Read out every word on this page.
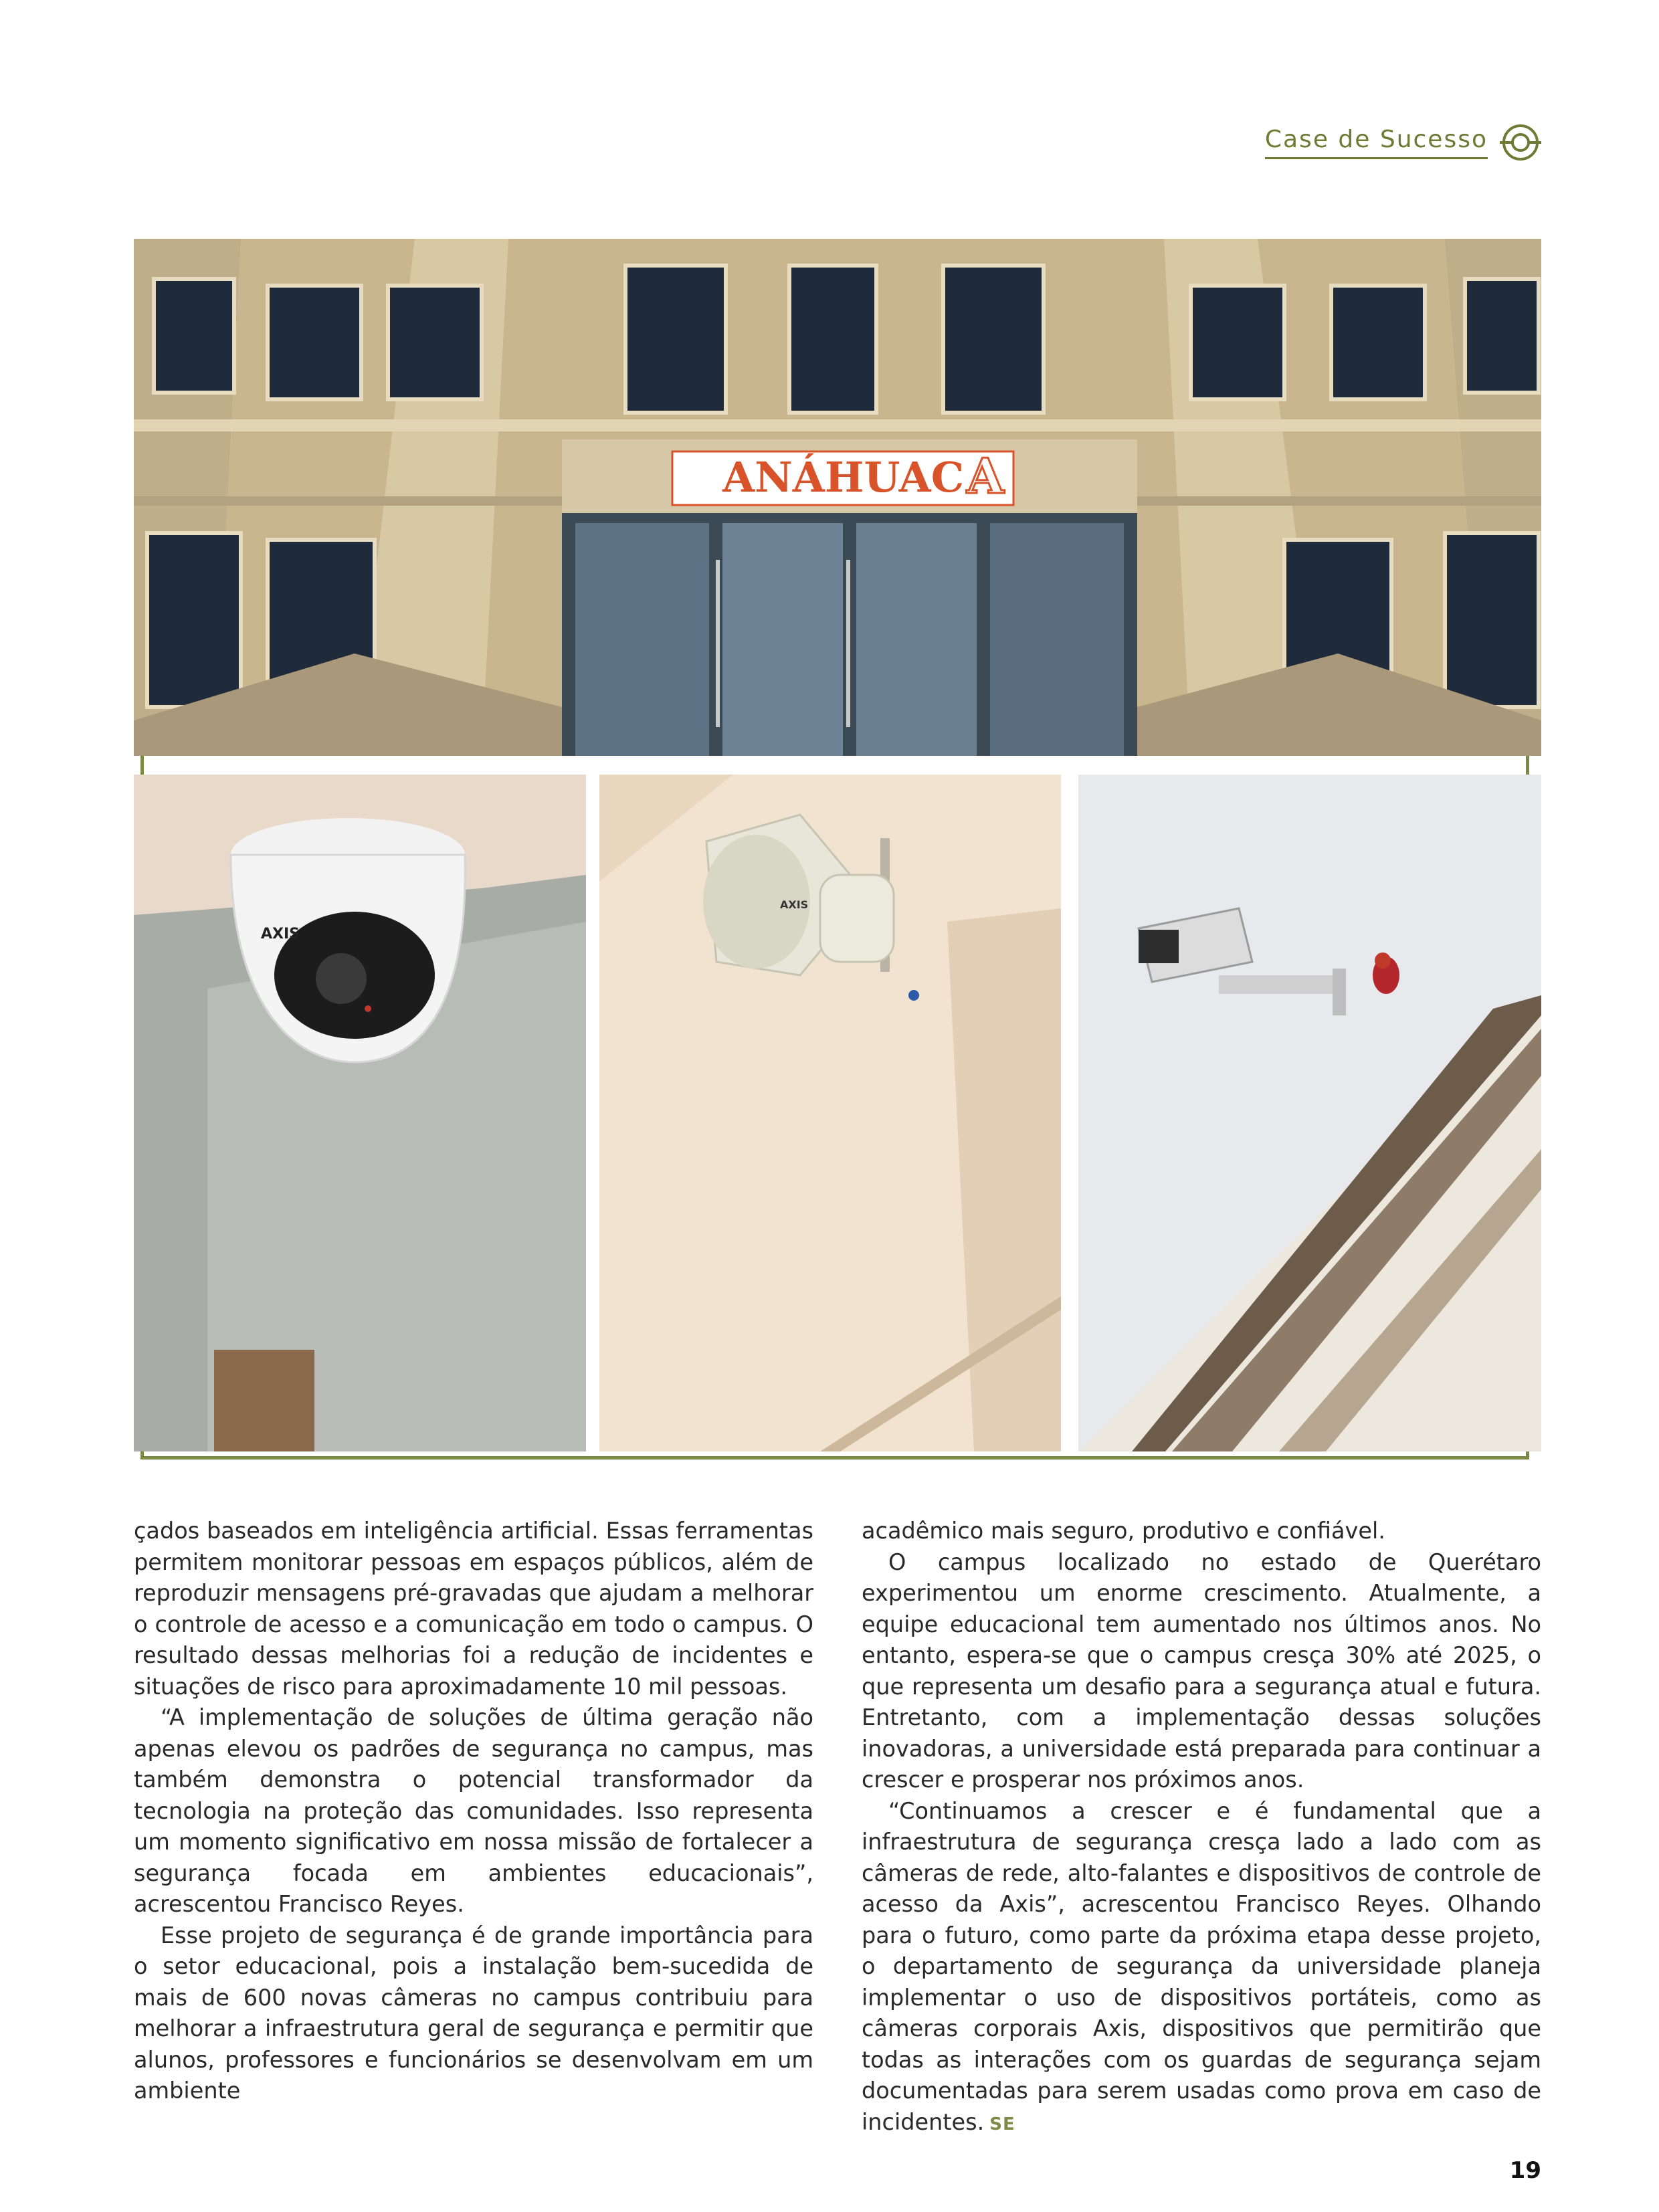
Case de Sucesso
ANÁHUAC A
AXIS
AXIS

çados baseados em inteligência artificial. Essas ferramentas permitem monitorar pessoas em espaços públicos, além de reproduzir mensagens pré-gravadas que ajudam a melhorar o controle de acesso e a comunicação em todo o campus. O resultado dessas melhorias foi a redução de incidentes e situações de risco para aproximadamente 10 mil pessoas.

“A implementação de soluções de última geração não apenas elevou os padrões de segurança no campus, mas também demonstra o potencial transformador da tecnologia na proteção das comunidades. Isso representa um momento significativo em nossa missão de fortalecer a segurança focada em ambientes educacionais”, acrescentou Francisco Reyes.

Esse projeto de segurança é de grande importância para o setor educacional, pois a instalação bem-sucedida de mais de 600 novas câmeras no campus contribuiu para melhorar a infraestrutura geral de segurança e permitir que alunos, professores e funcionários se desenvolvam em um ambiente

acadêmico mais seguro, produtivo e confiável.

O campus localizado no estado de Querétaro experimentou um enorme crescimento. Atualmente, a equipe educacional tem aumentado nos últimos anos. No entanto, espera-se que o campus cresça 30% até 2025, o que representa um desafio para a segurança atual e futura. Entretanto, com a implementação dessas soluções inovadoras, a universidade está preparada para continuar a crescer e prosperar nos próximos anos.

“Continuamos a crescer e é fundamental que a infraestrutura de segurança cresça lado a lado com as câmeras de rede, alto-falantes e dispositivos de controle de acesso da Axis”, acrescentou Francisco Reyes. Olhando para o futuro, como parte da próxima etapa desse projeto, o departamento de segurança da universidade planeja implementar o uso de dispositivos portáteis, como as câmeras corporais Axis, dispositivos que permitirão que todas as interações com os guardas de segurança sejam documentadas para serem usadas como prova em caso de incidentes. SE

19
